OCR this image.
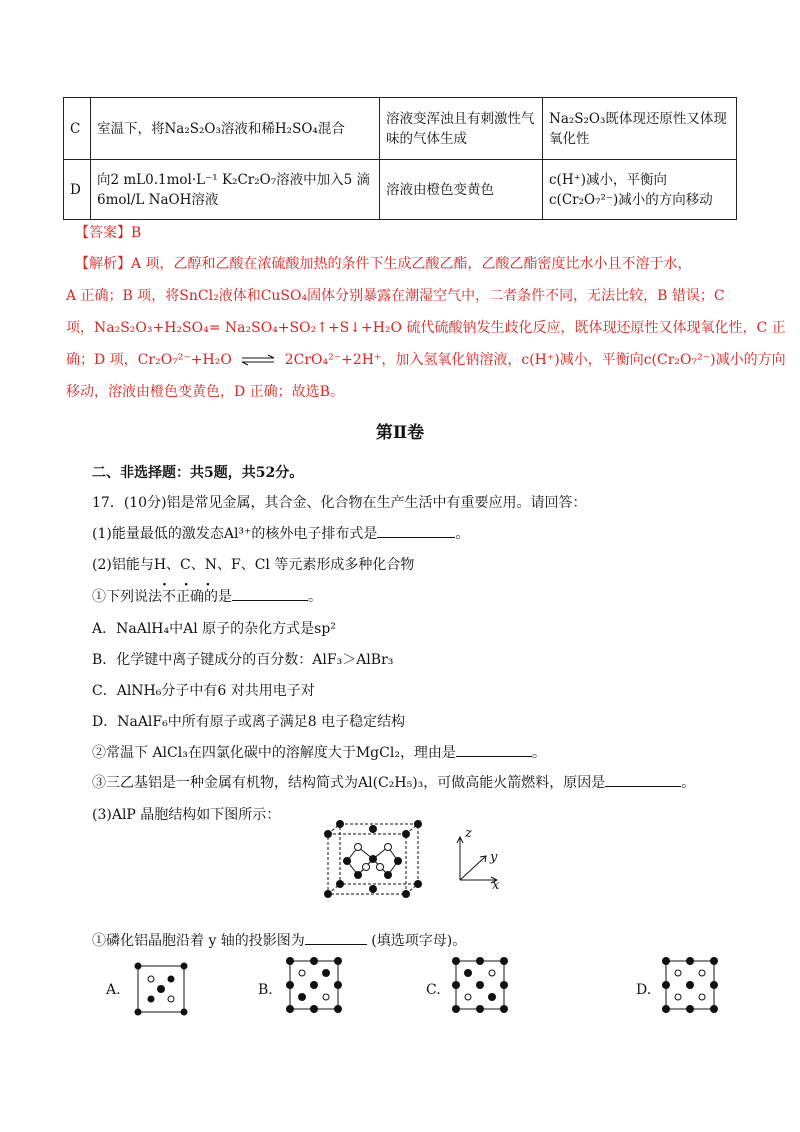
C	室温下，将Na₂S₂O₃溶液和稀H₂SO₄混合	溶液变浑浊且有刺激性气味的气体生成	Na₂S₂O₃既体现还原性又体现氧化性
D	向2 mL0.1mol·L⁻¹ K₂Cr₂O₇溶液中加入5 滴6mol/L NaOH溶液	溶液由橙色变黄色	c(H⁺)减小，平衡向c(Cr₂O₇²⁻)减小的方向移动
【答案】B
【解析】A 项，乙醇和乙酸在浓硫酸加热的条件下生成乙酸乙酯，乙酸乙酯密度比水小且不溶于水，
A 正确；B 项，将SnCl₂液体和CuSO₄固体分别暴露在潮湿空气中，二者条件不同，无法比较，B 错误；C
项，Na₂S₂O₃+H₂SO₄= Na₂SO₄+SO₂↑+S↓+H₂O 硫代硫酸钠发生歧化反应，既体现还原性又体现氧化性，C 正
确；D 项，Cr₂O₇²⁻+H₂O ⇌ 2CrO₄²⁻+2H⁺，加入氢氧化钠溶液，c(H⁺)减小，平衡向c(Cr₂O₇²⁻)减小的方向
移动，溶液由橙色变黄色，D 正确；故选B。
第Ⅱ卷
二、非选择题：共5题，共52分。
17．(10分)铝是常见金属，其合金、化合物在生产生活中有重要应用。请回答：
(1)能量最低的激发态Al³⁺的核外电子排布式是	。
(2)铝能与H、C、N、F、Cl 等元素形成多种化合物
①下列说法不正确
· · ·
的是	。
A．NaAlH₄中Al 原子的杂化方式是sp²
B．化学键中离子键成分的百分数：AlF₃＞AlBr₃
C．AlNH₆分子中有6 对共用电子对
D．NaAlF₆中所有原子或离子满足8 电子稳定结构
②常温下 AlCl₃在四氯化碳中的溶解度大于MgCl₂，理由是	。
③三乙基铝是一种金属有机物，结构简式为Al(C₂H₅)₃，可做高能火箭燃料，原因是	。
(3)AlP 晶胞结构如下图所示：
z
y
x
①磷化铝晶胞沿着 y 轴的投影图为	(填选项字母)。
A.	B.	C.	D.
